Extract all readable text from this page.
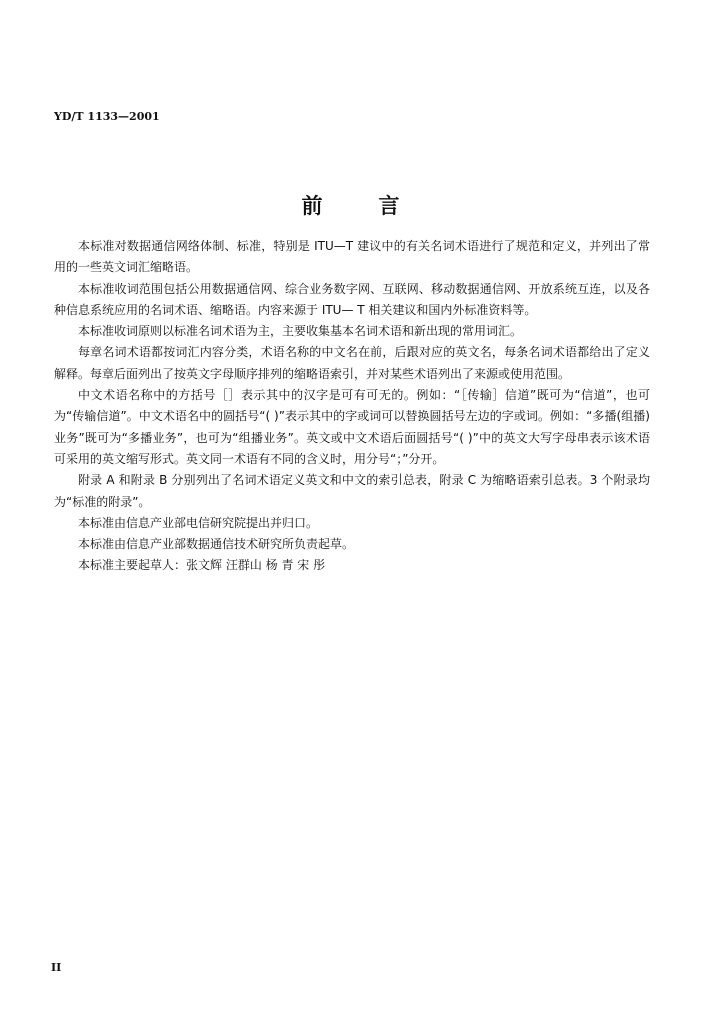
YD/T 1133—2001
前	言

本标准对数据通信网络体制、标准，特别是 ITU—T 建议中的有关名词术语进行了规范和定义，并列出了常用的一些英文词汇缩略语。

本标准收词范围包括公用数据通信网、综合业务数字网、互联网、移动数据通信网、开放系统互连，以及各种信息系统应用的名词术语、缩略语。内容来源于 ITU— T 相关建议和国内外标准资料等。

本标准收词原则以标准名词术语为主，主要收集基本名词术语和新出现的常用词汇。

每章名词术语都按词汇内容分类，术语名称的中文名在前，后跟对应的英文名，每条名词术语都给出了定义解释。每章后面列出了按英文字母顺序排列的缩略语索引，并对某些术语列出了来源或使用范围。

中文术语名称中的方括号［］表示其中的汉字是可有可无的。例如：“［传输］信道”既可为“信道”，也可为“传输信道”。中文术语名中的圆括号“( )”表示其中的字或词可以替换圆括号左边的字或词。例如：“多播(组播)业务”既可为“多播业务”，也可为“组播业务”。英文或中文术语后面圆括号“( )”中的英文大写字母串表示该术语可采用的英文缩写形式。英文同一术语有不同的含义时，用分号“；”分开。

附录 A 和附录 B 分别列出了名词术语定义英文和中文的索引总表，附录 C 为缩略语索引总表。3 个附录均为“标准的附录”。

本标准由信息产业部电信研究院提出并归口。

本标准由信息产业部数据通信技术研究所负责起草。

本标准主要起草人：张文辉 汪群山 杨 青 宋 彤

II
